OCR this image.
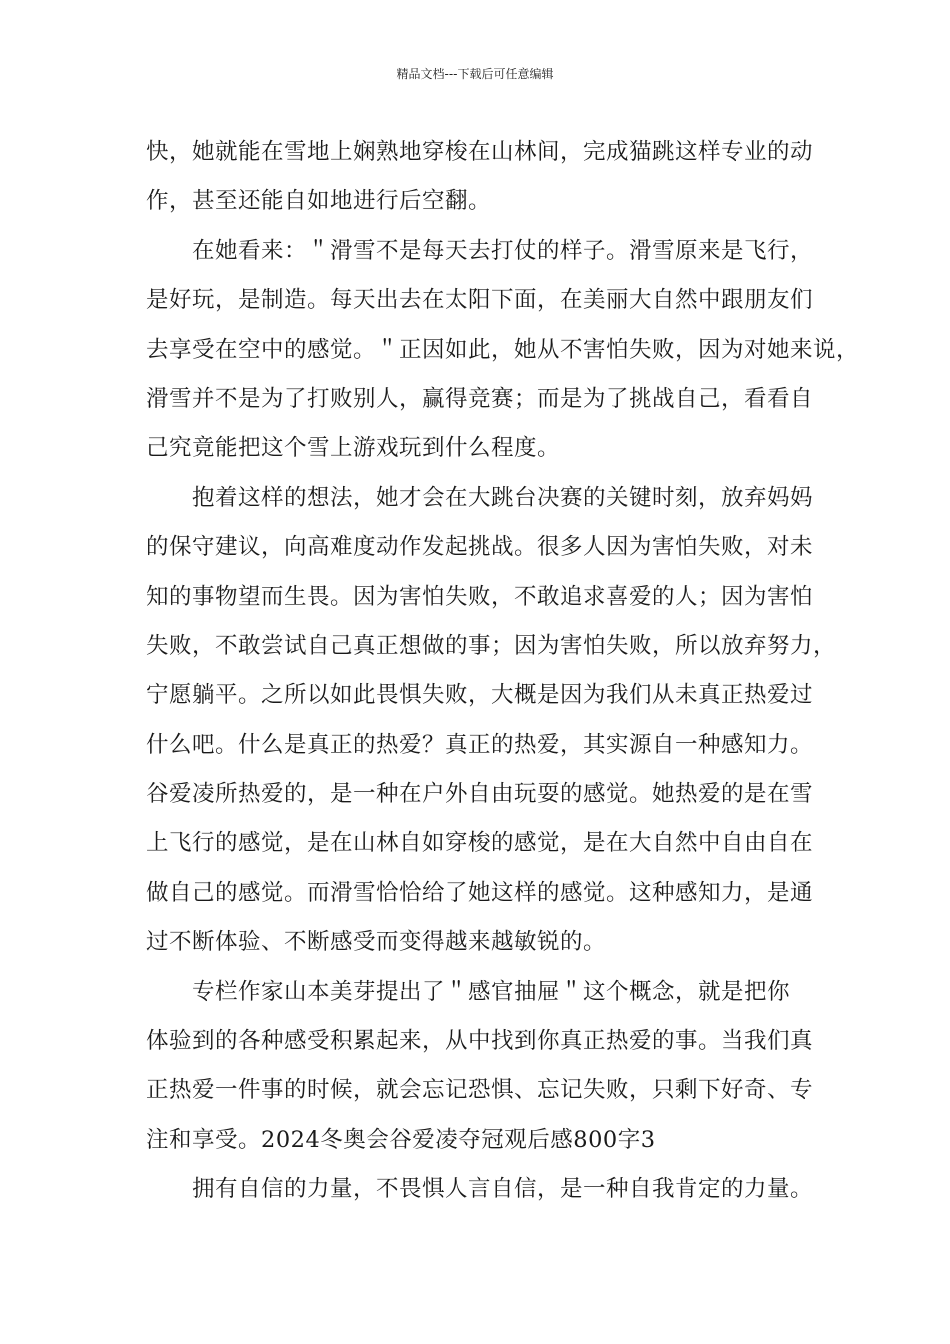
精品文档---下载后可任意编辑
快，她就能在雪地上娴熟地穿梭在山林间，完成猫跳这样专业的动
作，甚至还能自如地进行后空翻。
在她看来：＂滑雪不是每天去打仗的样子。滑雪原来是飞行，
是好玩，是制造。每天出去在太阳下面，在美丽大自然中跟朋友们
去享受在空中的感觉。＂正因如此，她从不害怕失败，因为对她来说，
滑雪并不是为了打败别人，赢得竞赛；而是为了挑战自己，看看自
己究竟能把这个雪上游戏玩到什么程度。
抱着这样的想法，她才会在大跳台决赛的关键时刻，放弃妈妈
的保守建议，向高难度动作发起挑战。很多人因为害怕失败，对未
知的事物望而生畏。因为害怕失败，不敢追求喜爱的人；因为害怕
失败，不敢尝试自己真正想做的事；因为害怕失败，所以放弃努力，
宁愿躺平。之所以如此畏惧失败，大概是因为我们从未真正热爱过
什么吧。什么是真正的热爱？真正的热爱，其实源自一种感知力。
谷爱凌所热爱的，是一种在户外自由玩耍的感觉。她热爱的是在雪
上飞行的感觉，是在山林自如穿梭的感觉，是在大自然中自由自在
做自己的感觉。而滑雪恰恰给了她这样的感觉。这种感知力，是通
过不断体验、不断感受而变得越来越敏锐的。
专栏作家山本美芽提出了＂感官抽屉＂这个概念，就是把你
体验到的各种感受积累起来，从中找到你真正热爱的事。当我们真
正热爱一件事的时候，就会忘记恐惧、忘记失败，只剩下好奇、专
注和享受。2024冬奥会谷爱凌夺冠观后感800字3
拥有自信的力量，不畏惧人言自信，是一种自我肯定的力量。
